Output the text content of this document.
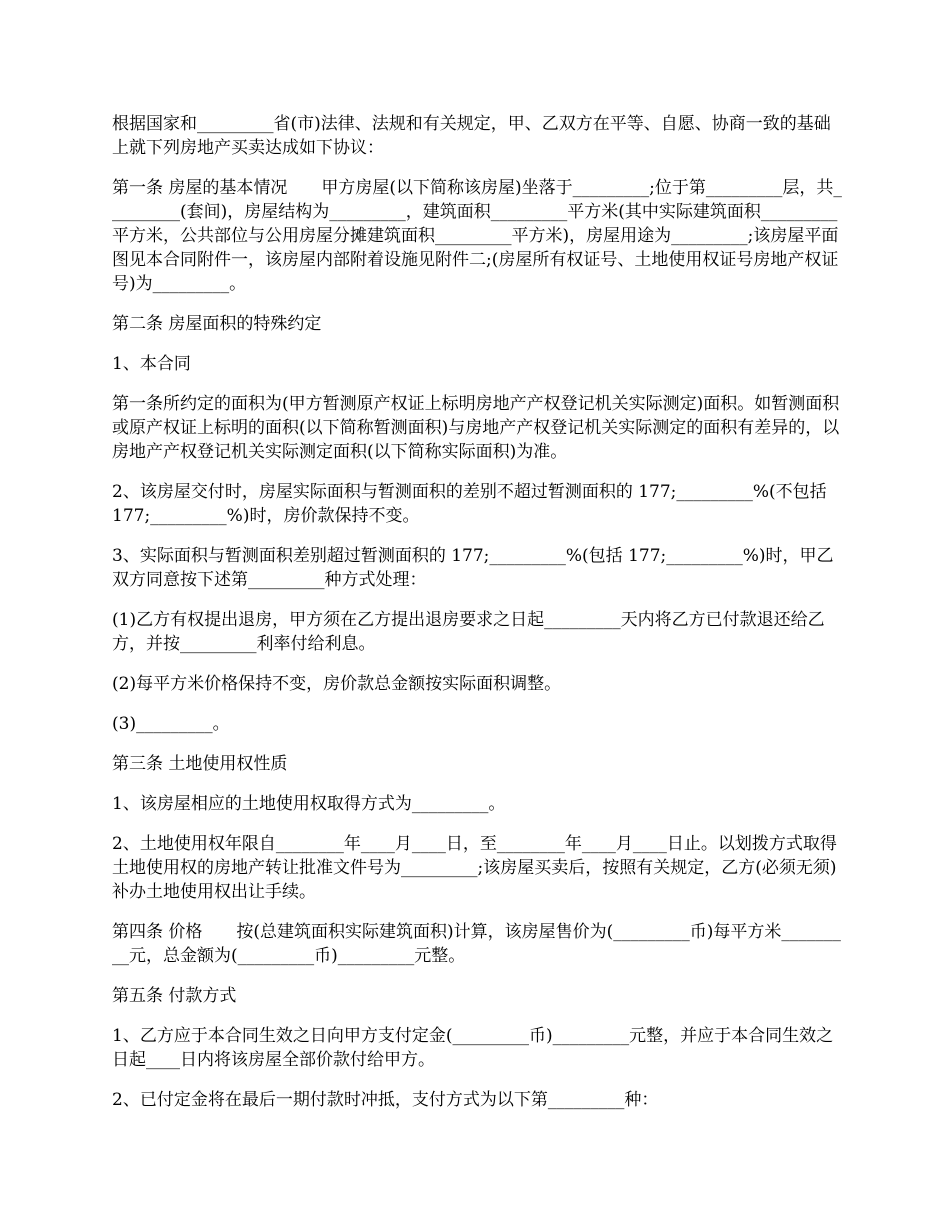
根据国家和_________省(市)法律、法规和有关规定，甲、乙双方在平等、自愿、协商一致的基础上就下列房地产买卖达成如下协议：

第一条 房屋的基本情况　　甲方房屋(以下简称该房屋)坐落于_________;位于第_________层，共_________(套间)，房屋结构为_________，建筑面积_________平方米(其中实际建筑面积_________平方米，公共部位与公用房屋分摊建筑面积_________平方米)，房屋用途为_________;该房屋平面图见本合同附件一，该房屋内部附着设施见附件二;(房屋所有权证号、土地使用权证号房地产权证号)为_________。

第二条 房屋面积的特殊约定

1、本合同

第一条所约定的面积为(甲方暂测原产权证上标明房地产产权登记机关实际测定)面积。如暂测面积或原产权证上标明的面积(以下简称暂测面积)与房地产产权登记机关实际测定的面积有差异的，以房地产产权登记机关实际测定面积(以下简称实际面积)为准。

2、该房屋交付时，房屋实际面积与暂测面积的差别不超过暂测面积的 177;_________%(不包括 177;_________%)时，房价款保持不变。

3、实际面积与暂测面积差别超过暂测面积的 177;_________%(包括 177;_________%)时，甲乙双方同意按下述第_________种方式处理：

(1)乙方有权提出退房，甲方须在乙方提出退房要求之日起_________天内将乙方已付款退还给乙方，并按_________利率付给利息。

(2)每平方米价格保持不变，房价款总金额按实际面积调整。

(3)_________。

第三条 土地使用权性质

1、该房屋相应的土地使用权取得方式为_________。

2、土地使用权年限自________年____月____日，至________年____月____日止。以划拨方式取得土地使用权的房地产转让批准文件号为_________;该房屋买卖后，按照有关规定，乙方(必须无须)补办土地使用权出让手续。

第四条 价格　　按(总建筑面积实际建筑面积)计算，该房屋售价为(_________币)每平方米_________元，总金额为(_________币)_________元整。

第五条 付款方式

1、乙方应于本合同生效之日向甲方支付定金(_________币)_________元整，并应于本合同生效之日起____日内将该房屋全部价款付给甲方。

2、已付定金将在最后一期付款时冲抵，支付方式为以下第_________种：
